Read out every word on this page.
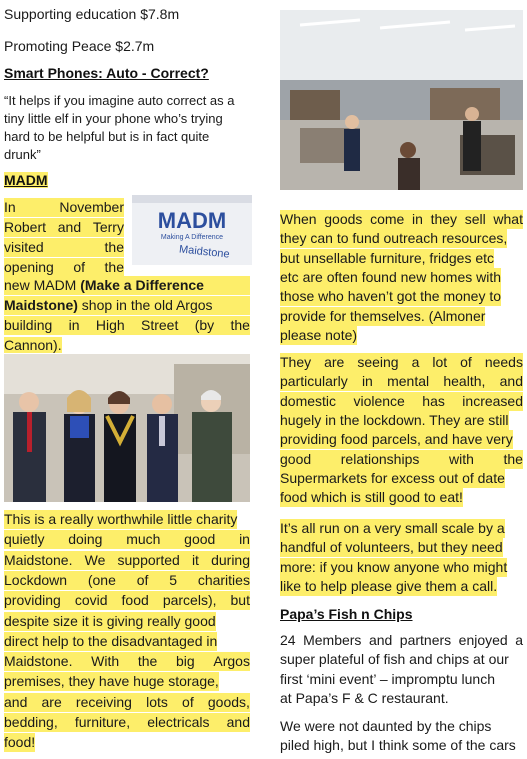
Supporting education $7.8m
Promoting Peace $2.7m
Smart Phones: Auto - Correct?
“It helps if you imagine auto correct as a
tiny little elf in your phone who’s trying
hard to be helpful but is in fact quite
drunk”
MADM
In	November
Robert and Terry
visited	the
opening of the
new MADM (Make a Difference
Maidstone) shop in the old Argos
building in High Street (by the
Cannon).
MADM
Making A Difference
Maidstone
This is a really worthwhile little charity
quietly doing much good in
Maidstone. We supported it during
Lockdown (one of 5 charities
providing covid food parcels), but
despite size it is giving really good
direct help to the disadvantaged in
Maidstone. With the big Argos
premises, they have huge storage,
and are receiving lots of goods,
bedding, furniture, electricals and
food!
When goods come in they sell what
they can to fund outreach resources,
but unsellable furniture, fridges etc
etc are often found new homes with
those who haven’t got the money to
provide for themselves. (Almoner
please note)
They are seeing a lot of needs
particularly in mental health, and
domestic violence has increased
hugely in the lockdown. They are still
providing food parcels, and have very
good relationships with the
Supermarkets for excess out of date
food which is still good to eat!
It’s all run on a very small scale by a
handful of volunteers, but they need
more: if you know anyone who might
like to help please give them a call.
24 Members and partners enjoyed a
super plateful of fish and chips at our
first ‘mini event’ – impromptu lunch
at Papa’s F & C restaurant.
We were not daunted by the chips
piled high, but I think some of the cars
Papa’s Fish n Chips
